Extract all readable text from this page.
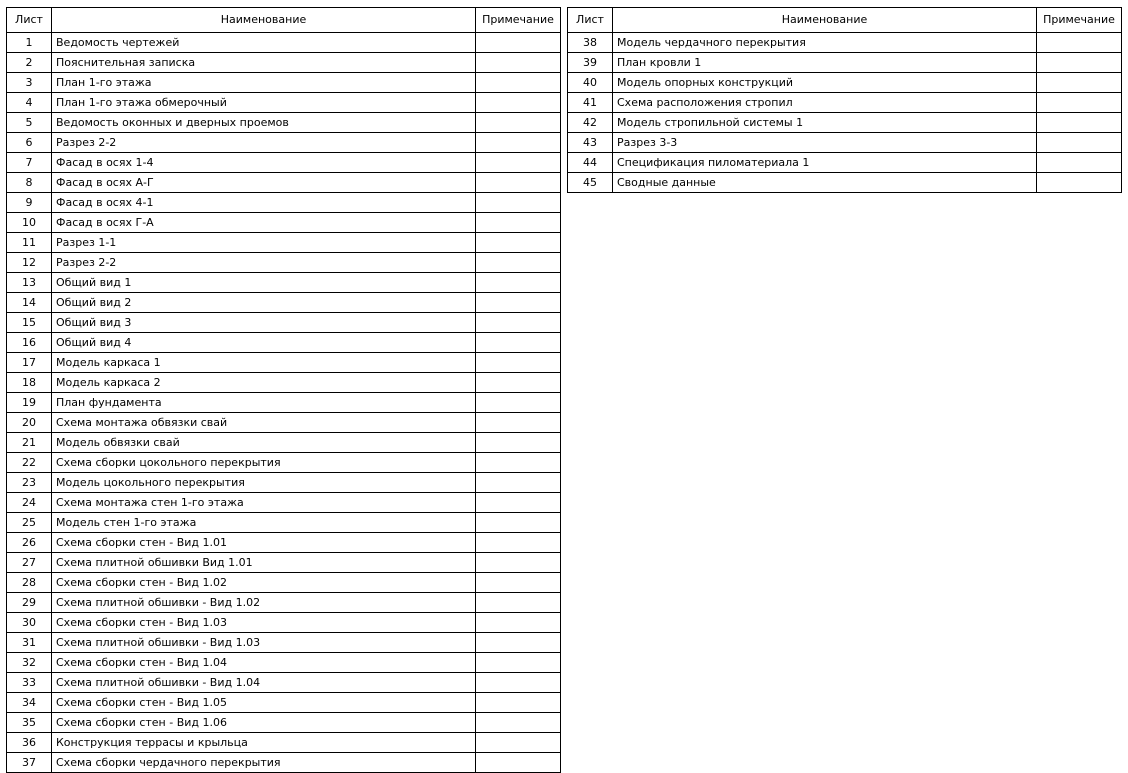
Лист	Наименование	Примечание
1	Ведомость чертежей	
2	Пояснительная записка	
3	План 1-го этажа	
4	План 1-го этажа обмерочный	
5	Ведомость оконных и дверных проемов	
6	Разрез 2-2	
7	Фасад в осях 1-4	
8	Фасад в осях А-Г	
9	Фасад в осях 4-1	
10	Фасад в осях Г-А	
11	Разрез 1-1	
12	Разрез 2-2	
13	Общий вид 1	
14	Общий вид 2	
15	Общий вид 3	
16	Общий вид 4	
17	Модель каркаса 1	
18	Модель каркаса 2	
19	План фундамента	
20	Схема монтажа обвязки свай	
21	Модель обвязки свай	
22	Схема сборки цокольного перекрытия	
23	Модель цокольного перекрытия	
24	Схема монтажа стен 1-го этажа	
25	Модель стен 1-го этажа	
26	Схема сборки стен - Вид 1.01	
27	Схема плитной обшивки Вид 1.01	
28	Схема сборки стен - Вид 1.02	
29	Схема плитной обшивки - Вид 1.02	
30	Схема сборки стен - Вид 1.03	
31	Схема плитной обшивки - Вид 1.03	
32	Схема сборки стен - Вид 1.04	
33	Схема плитной обшивки - Вид 1.04	
34	Схема сборки стен - Вид 1.05	
35	Схема сборки стен - Вид 1.06	
36	Конструкция террасы и крыльца	
37	Схема сборки чердачного перекрытия	
Лист	Наименование	Примечание
38	Модель чердачного перекрытия	
39	План кровли 1	
40	Модель опорных конструкций	
41	Схема расположения стропил	
42	Модель стропильной системы 1	
43	Разрез 3-3	
44	Спецификация пиломатериала 1	
45	Сводные данные	
